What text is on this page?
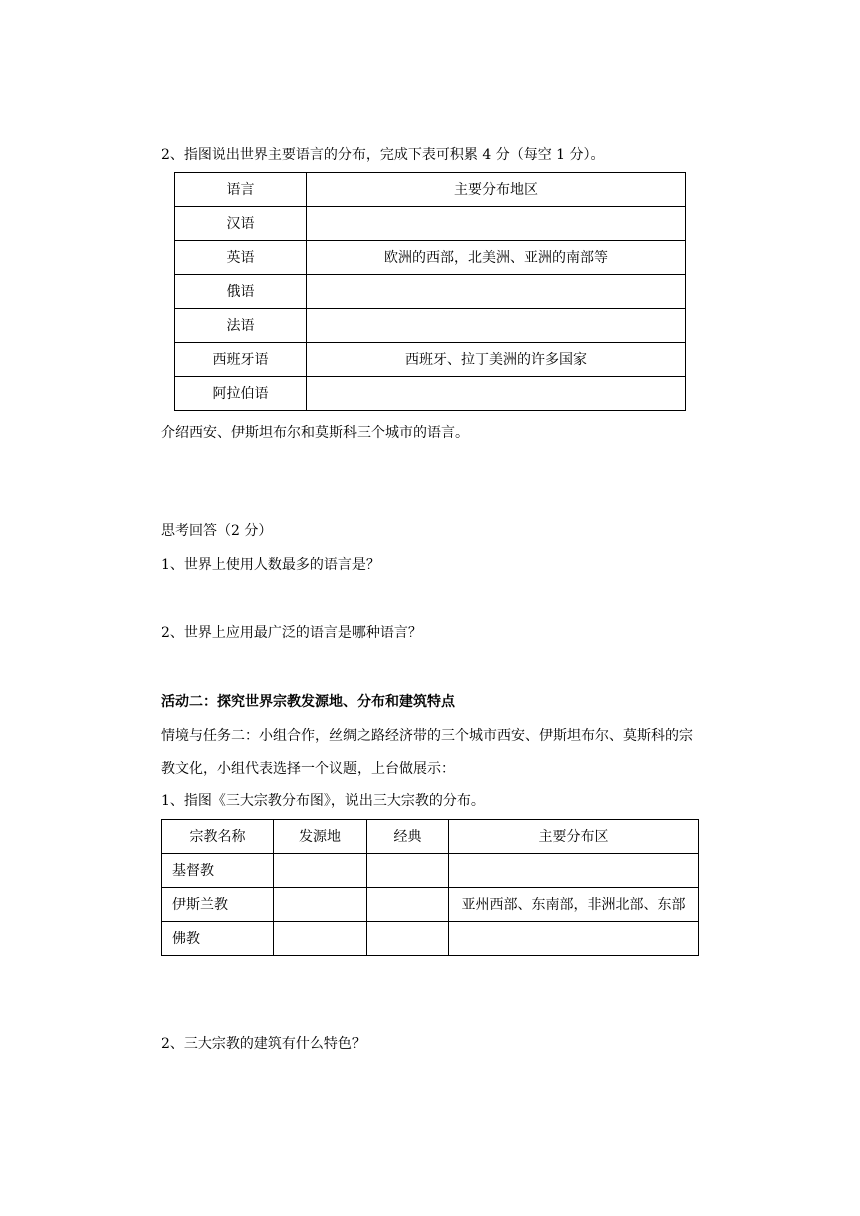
2、指图说出世界主要语言的分布，完成下表可积累 4 分（每空 1 分）。
语言	主要分布地区
汉语	
英语	欧洲的西部，北美洲、亚洲的南部等
俄语	
法语	
西班牙语	西班牙、拉丁美洲的许多国家
阿拉伯语	
介绍西安、伊斯坦布尔和莫斯科三个城市的语言。
思考回答（2 分）
1、世界上使用人数最多的语言是？
2、世界上应用最广泛的语言是哪种语言？
活动二：探究世界宗教发源地、分布和建筑特点
情境与任务二：小组合作，丝绸之路经济带的三个城市西安、伊斯坦布尔、莫斯科的宗
教文化，小组代表选择一个议题，上台做展示：
1、指图《三大宗教分布图》，说出三大宗教的分布。
宗教名称	发源地	经典	主要分布区
基督教			
伊斯兰教			亚州西部、东南部，非洲北部、东部
佛教			
2、三大宗教的建筑有什么特色？
